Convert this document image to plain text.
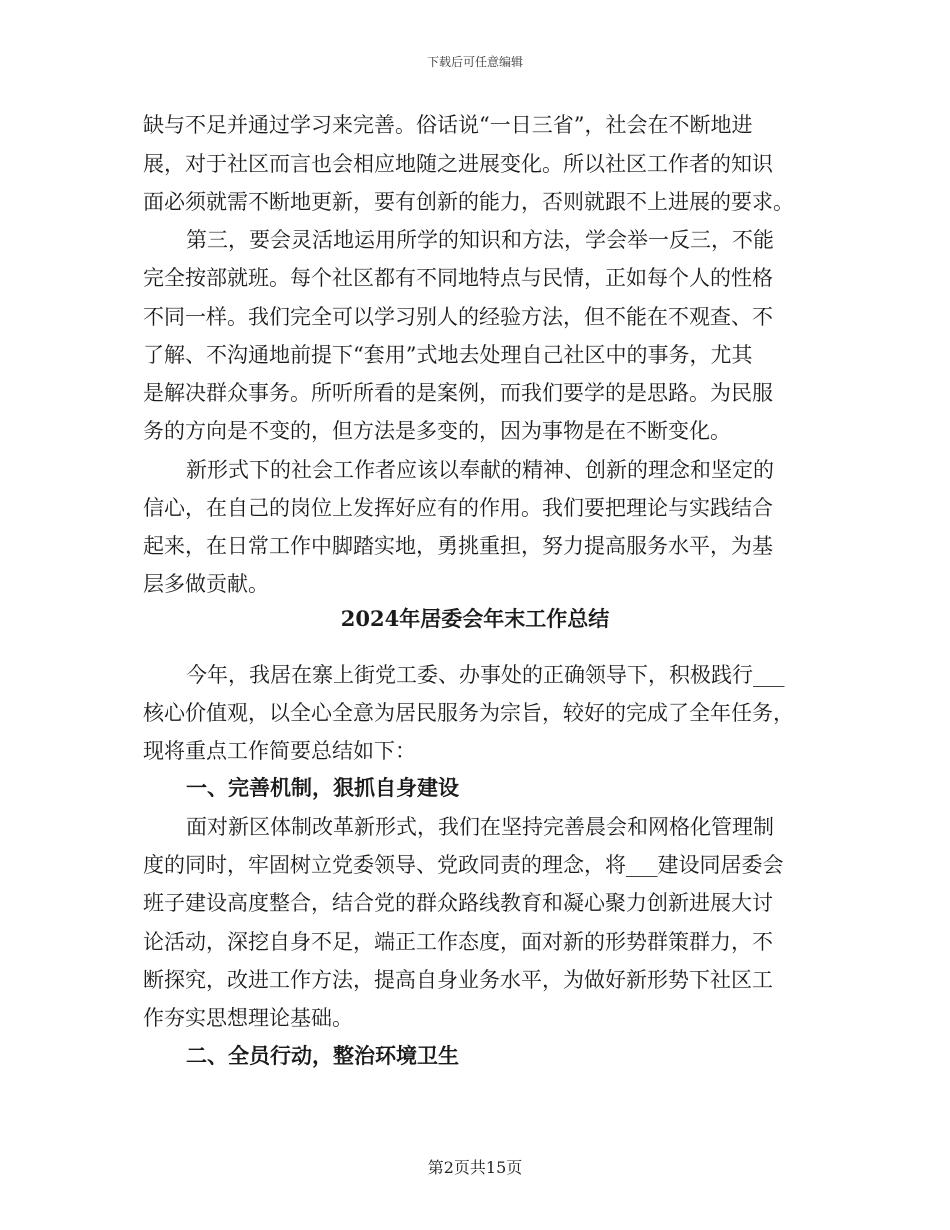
下载后可任意编辑
缺与不足并通过学习来完善。俗话说“一日三省”，社会在不断地进
展，对于社区而言也会相应地随之进展变化。所以社区工作者的知识
面必须就需不断地更新，要有创新的能力，否则就跟不上进展的要求。
第三，要会灵活地运用所学的知识和方法，学会举一反三，不能
完全按部就班。每个社区都有不同地特点与民情，正如每个人的性格
不同一样。我们完全可以学习别人的经验方法，但不能在不观查、不
了解、不沟通地前提下“套用”式地去处理自己社区中的事务，尤其
是解决群众事务。所听所看的是案例，而我们要学的是思路。为民服
务的方向是不变的，但方法是多变的，因为事物是在不断变化。
新形式下的社会工作者应该以奉献的精神、创新的理念和坚定的
信心，在自己的岗位上发挥好应有的作用。我们要把理论与实践结合
起来，在日常工作中脚踏实地，勇挑重担，努力提高服务水平，为基
层多做贡献。
2024年居委会年末工作总结
今年，我居在寨上街党工委、办事处的正确领导下，积极践行___
核心价值观，以全心全意为居民服务为宗旨，较好的完成了全年任务，
现将重点工作简要总结如下：
一、完善机制，狠抓自身建设
面对新区体制改革新形式，我们在坚持完善晨会和网格化管理制
度的同时，牢固树立党委领导、党政同责的理念，将___建设同居委会
班子建设高度整合，结合党的群众路线教育和凝心聚力创新进展大讨
论活动，深挖自身不足，端正工作态度，面对新的形势群策群力，不
断探究，改进工作方法，提高自身业务水平，为做好新形势下社区工
作夯实思想理论基础。
二、全员行动，整治环境卫生
第2页共15页
